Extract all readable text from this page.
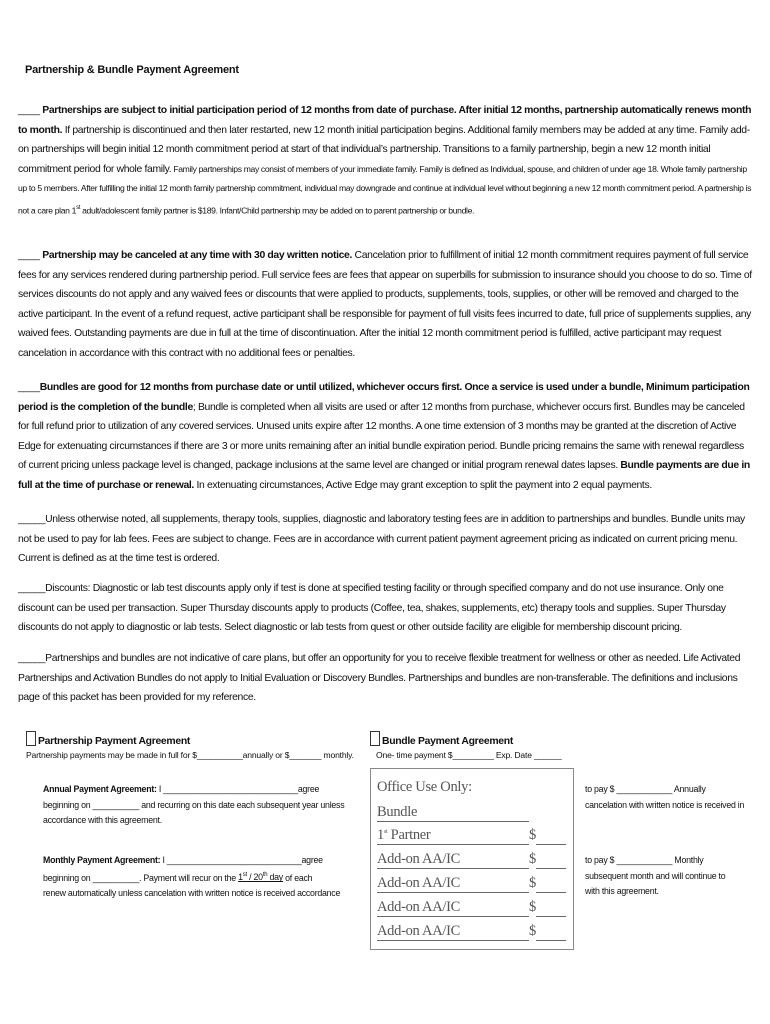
Partnership & Bundle Payment Agreement
____ Partnerships are subject to initial participation period of 12 months from date of purchase. After initial 12 months, partnership automatically renews month to month. If partnership is discontinued and then later restarted, new 12 month initial participation begins. Additional family members may be added at any time. Family add-on partnerships will begin initial 12 month commitment period at start of that individual’s partnership. Transitions to a family partnership, begin a new 12 month initial commitment period for whole family. Family partnerships may consist of members of your immediate family. Family is defined as Individual, spouse, and children of under age 18. Whole family partnership up to 5 members. After fulfilling the initial 12 month family partnership commitment, individual may downgrade and continue at individual level without beginning a new 12 month commitment period. A partnership is not a care plan 1st adult/adolescent family partner is $189. Infant/Child partnership may be added on to parent partnership or bundle.
____ Partnership may be canceled at any time with 30 day written notice. Cancelation prior to fulfillment of initial 12 month commitment requires payment of full service fees for any services rendered during partnership period. Full service fees are fees that appear on superbills for submission to insurance should you choose to do so. Time of services discounts do not apply and any waived fees or discounts that were applied to products, supplements, tools, supplies, or other will be removed and charged to the active participant. In the event of a refund request, active participant shall be responsible for payment of full visits fees incurred to date, full price of supplements supplies, any waived fees. Outstanding payments are due in full at the time of discontinuation. After the initial 12 month commitment period is fulfilled, active participant may request cancelation in accordance with this contract with no additional fees or penalties.
____Bundles are good for 12 months from purchase date or until utilized, whichever occurs first. Once a service is used under a bundle, Minimum participation period is the completion of the bundle; Bundle is completed when all visits are used or after 12 months from purchase, whichever occurs first. Bundles may be canceled for full refund prior to utilization of any covered services. Unused units expire after 12 months. A one time extension of 3 months may be granted at the discretion of Active Edge for extenuating circumstances if there are 3 or more units remaining after an initial bundle expiration period. Bundle pricing remains the same with renewal regardless of current pricing unless package level is changed, package inclusions at the same level are changed or initial program renewal dates lapses. Bundle payments are due in full at the time of purchase or renewal. In extenuating circumstances, Active Edge may grant exception to split the payment into 2 equal payments.
_____Unless otherwise noted, all supplements, therapy tools, supplies, diagnostic and laboratory testing fees are in addition to partnerships and bundles. Bundle units may not be used to pay for lab fees. Fees are subject to change. Fees are in accordance with current patient payment agreement pricing as indicated on current pricing menu. Current is defined as at the time test is ordered.
_____Discounts: Diagnostic or lab test discounts apply only if test is done at specified testing facility or through specified company and do not use insurance. Only one discount can be used per transaction. Super Thursday discounts apply to products (Coffee, tea, shakes, supplements, etc) therapy tools and supplies. Super Thursday discounts do not apply to diagnostic or lab tests. Select diagnostic or lab tests from quest or other outside facility are eligible for membership discount pricing.
_____Partnerships and bundles are not indicative of care plans, but offer an opportunity for you to receive flexible treatment for wellness or other as needed. Life Activated Partnerships and Activation Bundles do not apply to Initial Evaluation or Discovery Bundles. Partnerships and bundles are non-transferable. The definitions and inclusions page of this packet has been provided for my reference.
Partnership Payment Agreement
Partnership payments may be made in full for $__________annually or $_______ monthly.
Annual Payment Agreement: I _____________________________agree
beginning on __________ and recurring on this date each subsequent year unless
accordance with this agreement.
Monthly Payment Agreement: I _____________________________agree
beginning on __________. Payment will recur on the 1st / 20th day of each
renew automatically unless cancelation with written notice is received accordance
Bundle Payment Agreement
One- time payment $_________ Exp. Date ______
Office Use Only:
Bundle
1st Partner	$
Add-on AA/IC	$
Add-on AA/IC	$
Add-on AA/IC	$
Add-on AA/IC	$
to pay $ ____________ Annually
cancelation with written notice is received in
to pay $ ____________ Monthly
subsequent month and will continue to
with this agreement.
